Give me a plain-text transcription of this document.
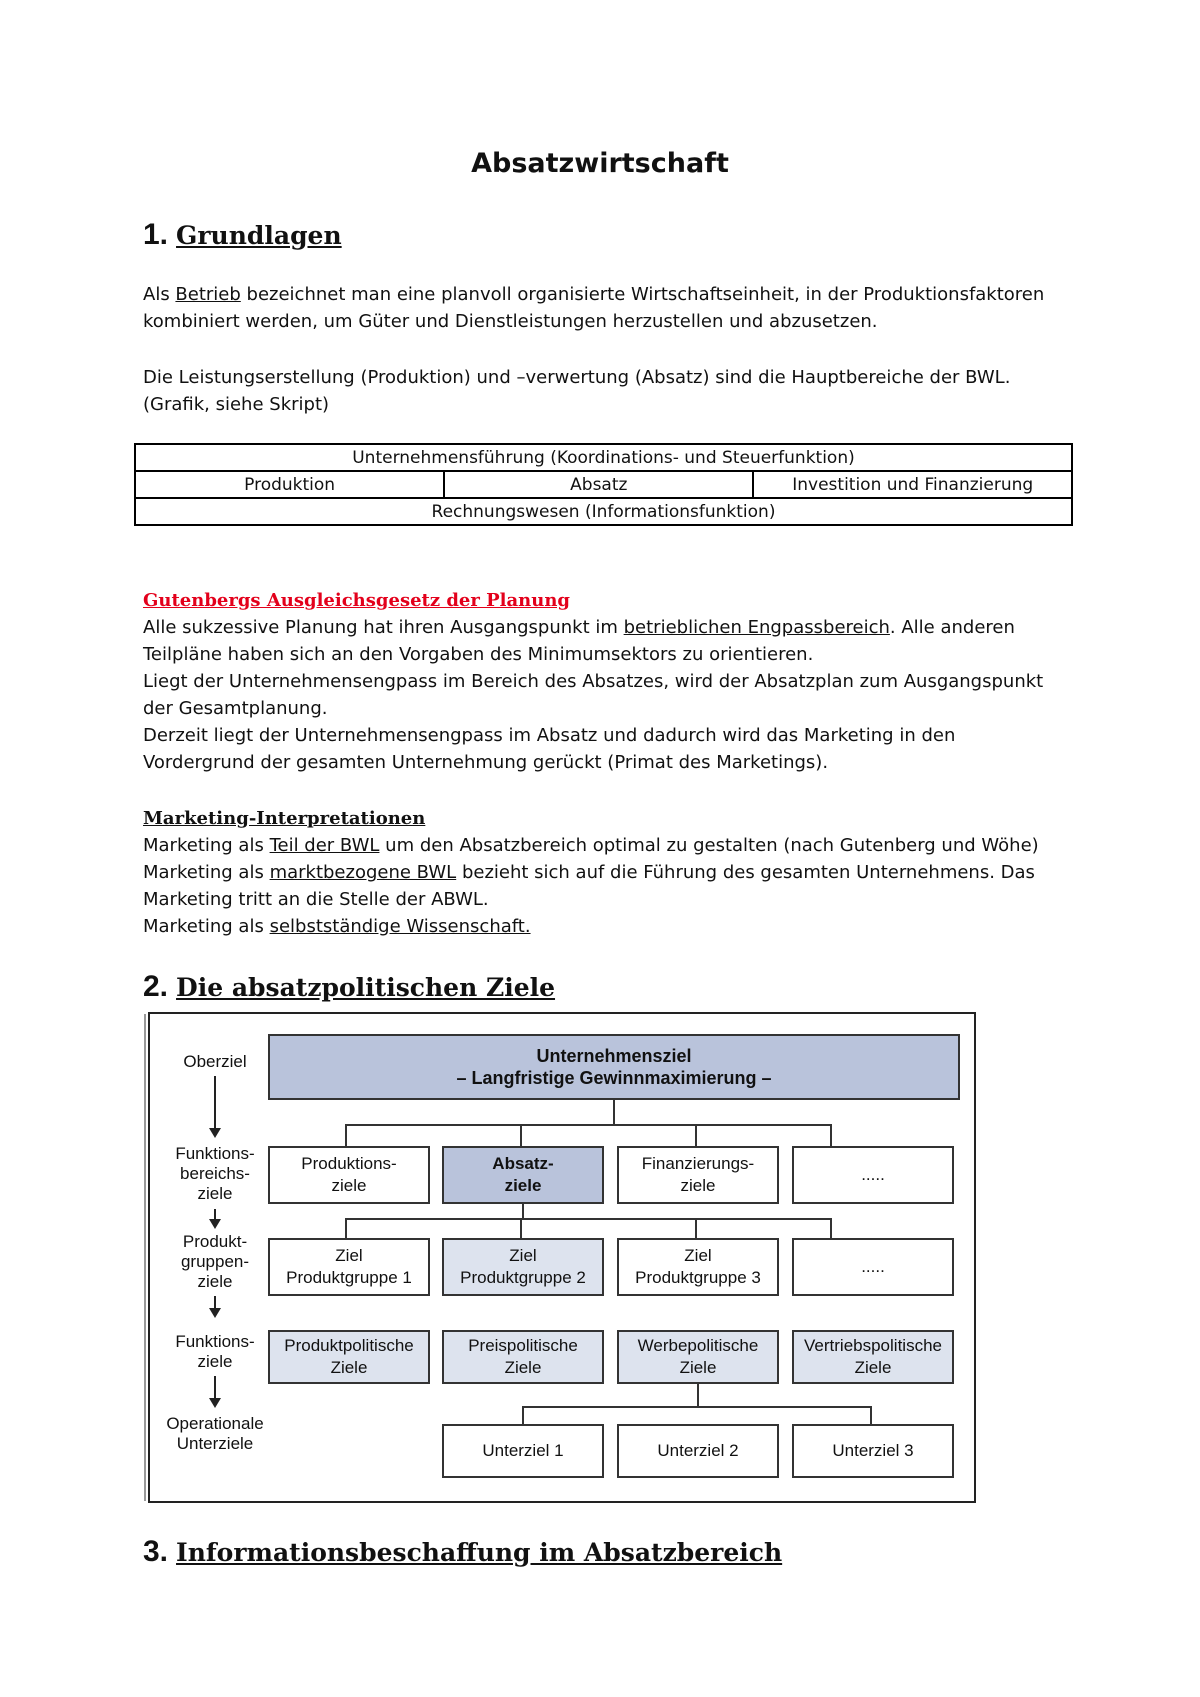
Absatzwirtschaft
1. Grundlagen

Als Betrieb bezeichnet man eine planvoll organisierte Wirtschaftseinheit, in der Produktionsfaktoren

kombiniert werden, um Güter und Dienstleistungen herzustellen und abzusetzen.

Die Leistungserstellung (Produktion) und –verwertung (Absatz) sind die Hauptbereiche der BWL.

(Grafik, siehe Skript)

Unternehmensführung (Koordinations- und Steuerfunktion)
Produktion	Absatz	Investition und Finanzierung
Rechnungswesen (Informationsfunktion)

Gutenbergs Ausgleichsgesetz der Planung

Alle sukzessive Planung hat ihren Ausgangspunkt im betrieblichen Engpassbereich. Alle anderen

Teilpläne haben sich an den Vorgaben des Minimumsektors zu orientieren.

Liegt der Unternehmensengpass im Bereich des Absatzes, wird der Absatzplan zum Ausgangspunkt

der Gesamtplanung.

Derzeit liegt der Unternehmensengpass im Absatz und dadurch wird das Marketing in den

Vordergrund der gesamten Unternehmung gerückt (Primat des Marketings).

Marketing-Interpretationen

Marketing als Teil der BWL um den Absatzbereich optimal zu gestalten (nach Gutenberg und Wöhe)

Marketing als marktbezogene BWL bezieht sich auf die Führung des gesamten Unternehmens. Das

Marketing tritt an die Stelle der ABWL.

Marketing als selbstständige Wissenschaft.

2. Die absatzpolitischen Ziele
Oberziel
Funktions-
bereichs-
ziele
Produkt-
gruppen-
ziele
Funktions-
ziele
Operationale
Unterziele
Unternehmensziel
– Langfristige Gewinnmaximierung –
Produktions-
ziele
Absatz-
ziele
Finanzierungs-
ziele
.....
Ziel
Produktgruppe 1
Ziel
Produktgruppe 2
Ziel
Produktgruppe 3
.....
Produktpolitische
Ziele
Preispolitische
Ziele
Werbepolitische
Ziele
Vertriebspolitische
Ziele
Unterziel 1	Unterziel 2	Unterziel 3
3. Informationsbeschaffung im Absatzbereich
